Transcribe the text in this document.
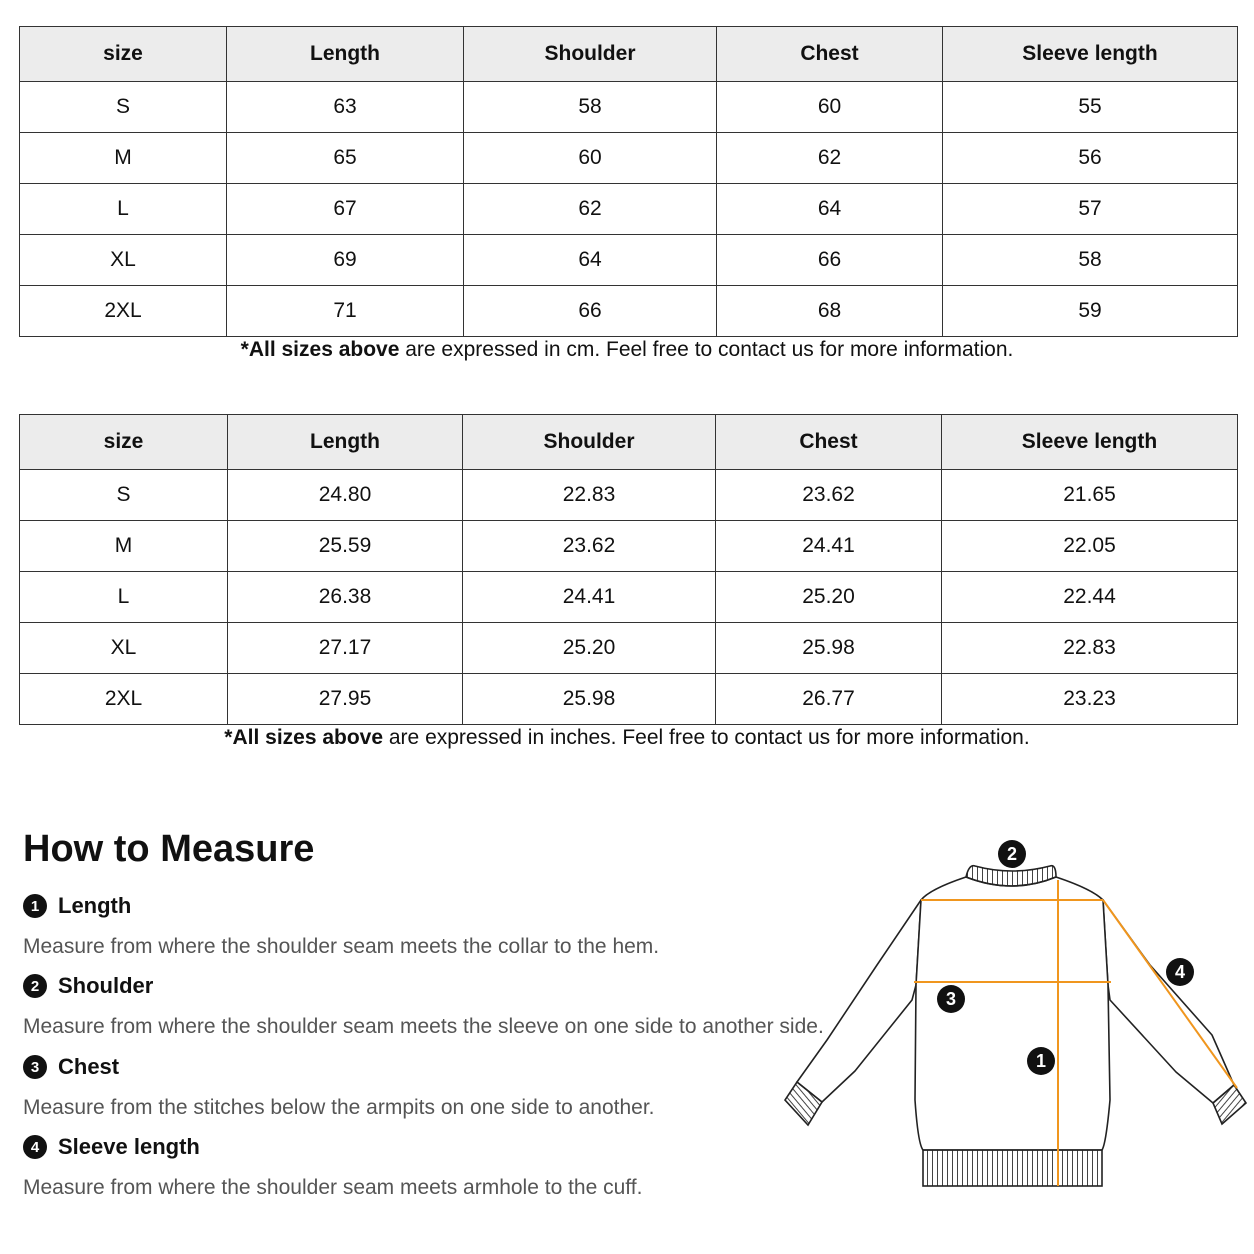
size	Length	Shoulder	Chest	Sleeve length
S	63	58	60	55
M	65	60	62	56
L	67	62	64	57
XL	69	64	66	58
2XL	71	66	68	59
*All sizes above are expressed in cm. Feel free to contact us for more information.
size	Length	Shoulder	Chest	Sleeve length
S	24.80	22.83	23.62	21.65
M	25.59	23.62	24.41	22.05
L	26.38	24.41	25.20	22.44
XL	27.17	25.20	25.98	22.83
2XL	27.95	25.98	26.77	23.23
*All sizes above are expressed in inches. Feel free to contact us for more information.
How to Measure
1 Length
Measure from where the shoulder seam meets the collar to the hem.
2 Shoulder
Measure from where the shoulder seam meets the sleeve on one side to another side.
3 Chest
Measure from the stitches below the armpits on one side to another.
4 Sleeve length
Measure from where the shoulder seam meets armhole to the cuff.
2
4
3
1
